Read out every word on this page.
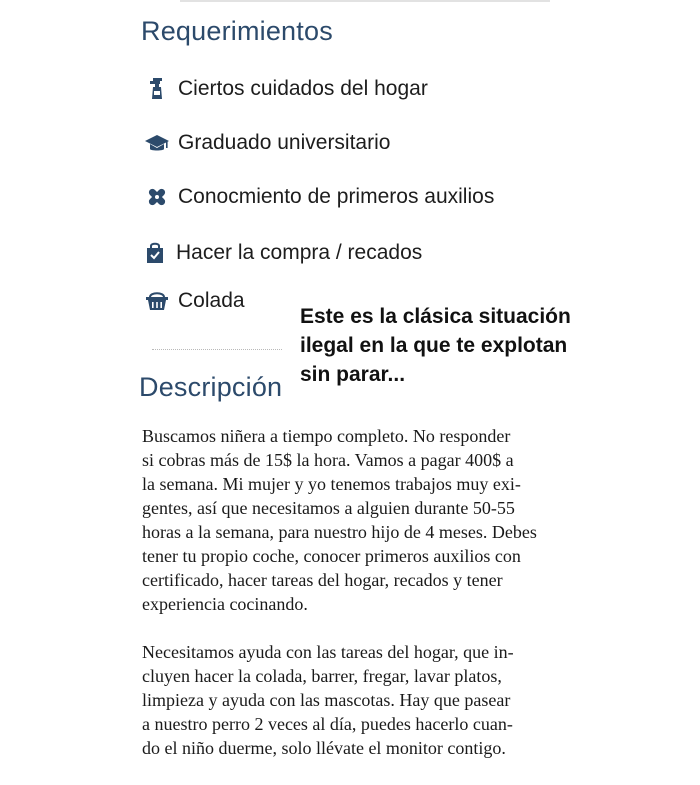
Requerimientos
Ciertos cuidados del hogar
Graduado universitario
Conocmiento de primeros auxilios
Hacer la compra / recados
Colada
Este es la clásica situación
ilegal en la que te explotan
sin parar...
Descripción
Buscamos niñera a tiempo completo. No responder
si cobras más de 15$ la hora. Vamos a pagar 400$ a
la semana. Mi mujer y yo tenemos trabajos muy exi-
gentes, así que necesitamos a alguien durante 50-55
horas a la semana, para nuestro hijo de 4 meses. Debes
tener tu propio coche, conocer primeros auxilios con
certificado, hacer tareas del hogar, recados y tener
experiencia cocinando.
Necesitamos ayuda con las tareas del hogar, que in-
cluyen hacer la colada, barrer, fregar, lavar platos,
limpieza y ayuda con las mascotas. Hay que pasear
a nuestro perro 2 veces al día, puedes hacerlo cuan-
do el niño duerme, solo llévate el monitor contigo.
